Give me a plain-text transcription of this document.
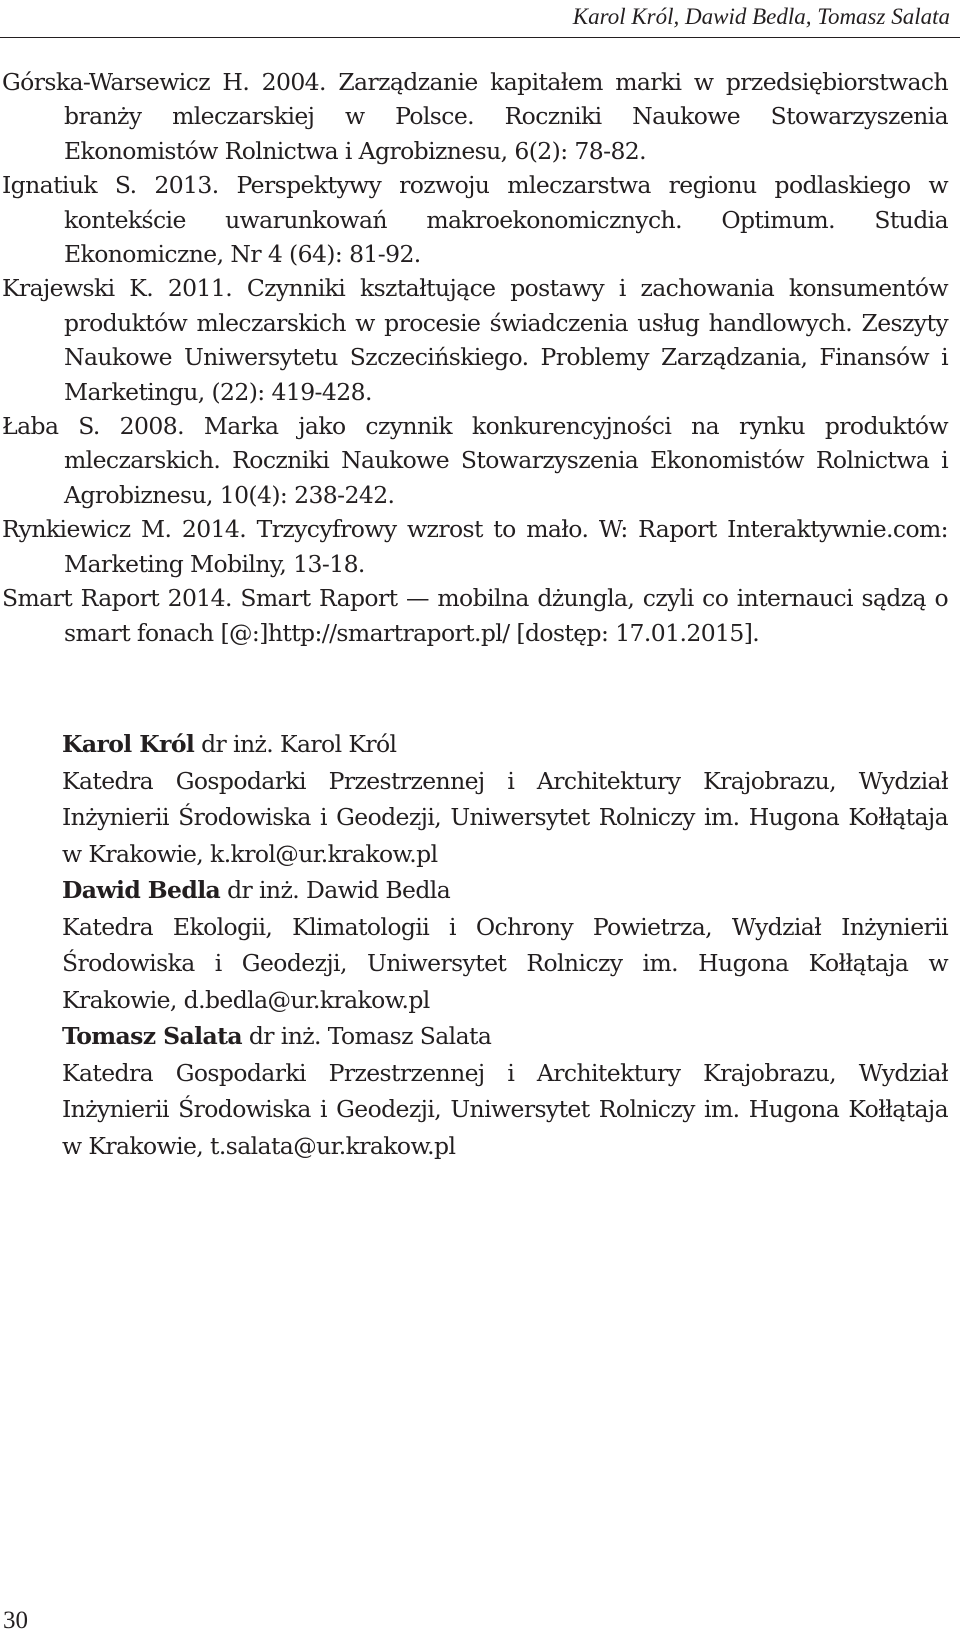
Karol Król, Dawid Bedla, Tomasz Salata

Górska-Warsewicz H. 2004. Zarządzanie kapitałem marki w przedsiębiorstwach branży mleczarskiej w Polsce. Roczniki Naukowe Stowarzyszenia Ekonomistów Rolnictwa i Agrobiznesu, 6(2): 78-82.

Ignatiuk S. 2013. Perspektywy rozwoju mleczarstwa regionu podlaskiego w kontekście uwarunkowań makroekonomicznych. Optimum. Studia Ekonomiczne, Nr 4 (64): 81-92.

Krajewski K. 2011. Czynniki kształtujące postawy i zachowania konsumentów produktów mleczarskich w procesie świadczenia usług handlowych. Zeszyty Naukowe Uniwersytetu Szczecińskiego. Problemy Zarządzania, Finansów i Marketingu, (22): 419-428.

Łaba S. 2008. Marka jako czynnik konkurencyjności na rynku produktów mleczarskich. Roczniki Naukowe Stowarzyszenia Ekonomistów Rolnictwa i Agrobiznesu, 10(4): 238-242.

Rynkiewicz M. 2014. Trzycyfrowy wzrost to mało. W: Raport Interaktywnie.com: Marketing Mobilny, 13-18.

Smart Raport 2014. Smart Raport — mobilna dżungla, czyli co internauci sądzą o smart fonach [@:]http://smartraport.pl/ [dostęp: 17.01.2015].

Karol Król dr inż. Karol Król
Katedra Gospodarki Przestrzennej i Architektury Krajobrazu, Wydział Inżynierii Środowiska i Geodezji, Uniwersytet Rolniczy im. Hugona Kołłątaja w Krakowie, k.krol@ur.krakow.pl

Dawid Bedla dr inż. Dawid Bedla
Katedra Ekologii, Klimatologii i Ochrony Powietrza, Wydział Inżynierii Środowiska i Geodezji, Uniwersytet Rolniczy im. Hugona Kołłątaja w Krakowie, d.bedla@ur.krakow.pl

Tomasz Salata dr inż. Tomasz Salata
Katedra Gospodarki Przestrzennej i Architektury Krajobrazu, Wydział Inżynierii Środowiska i Geodezji, Uniwersytet Rolniczy im. Hugona Kołłątaja w Krakowie, t.salata@ur.krakow.pl

30
